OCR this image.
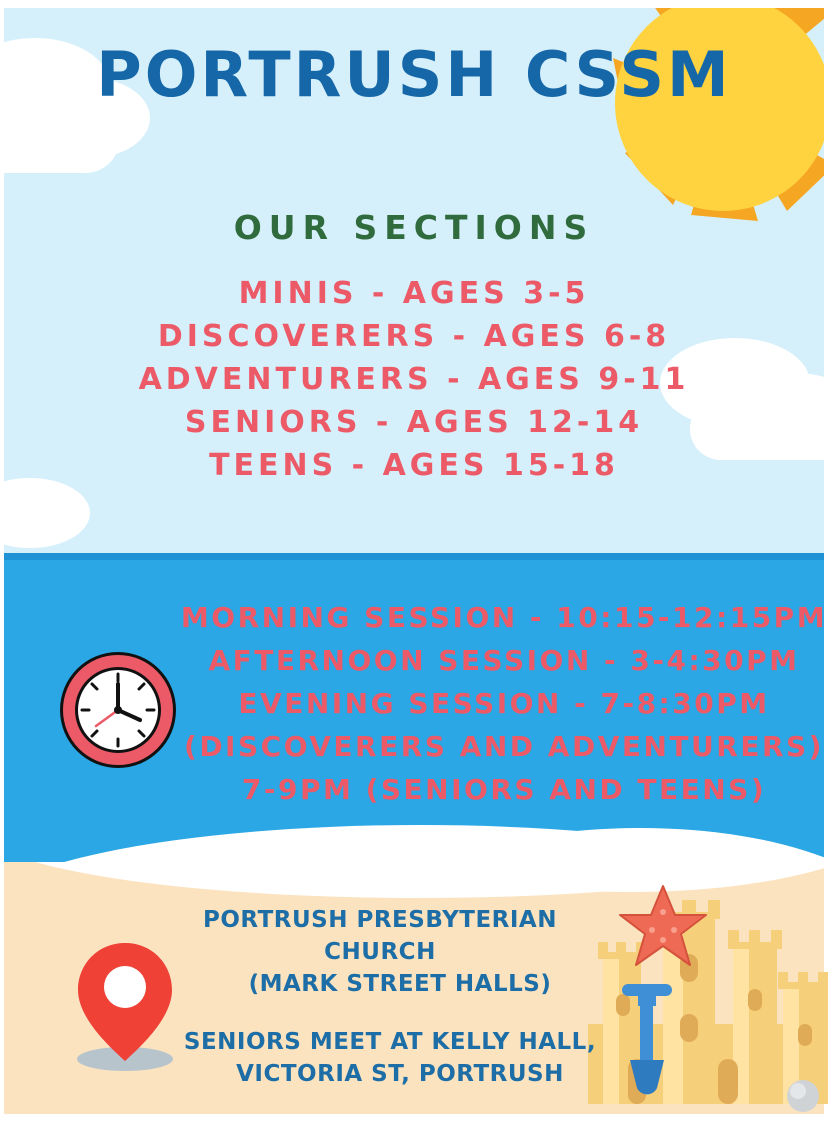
PORTRUSH CSSM
OUR SECTIONS
MINIS - AGES 3-5
DISCOVERERS - AGES 6-8
ADVENTURERS - AGES 9-11
SENIORS - AGES 12-14
TEENS - AGES 15-18
MORNING SESSION - 10:15-12:15PM
AFTERNOON SESSION - 3-4:30PM
EVENING SESSION - 7-8:30PM
(DISCOVERERS AND ADVENTURERS)
7-9PM (SENIORS AND TEENS)
PORTRUSH PRESBYTERIAN CHURCH
(MARK STREET HALLS)

SENIORS MEET AT KELLY HALL,
VICTORIA ST, PORTRUSH
